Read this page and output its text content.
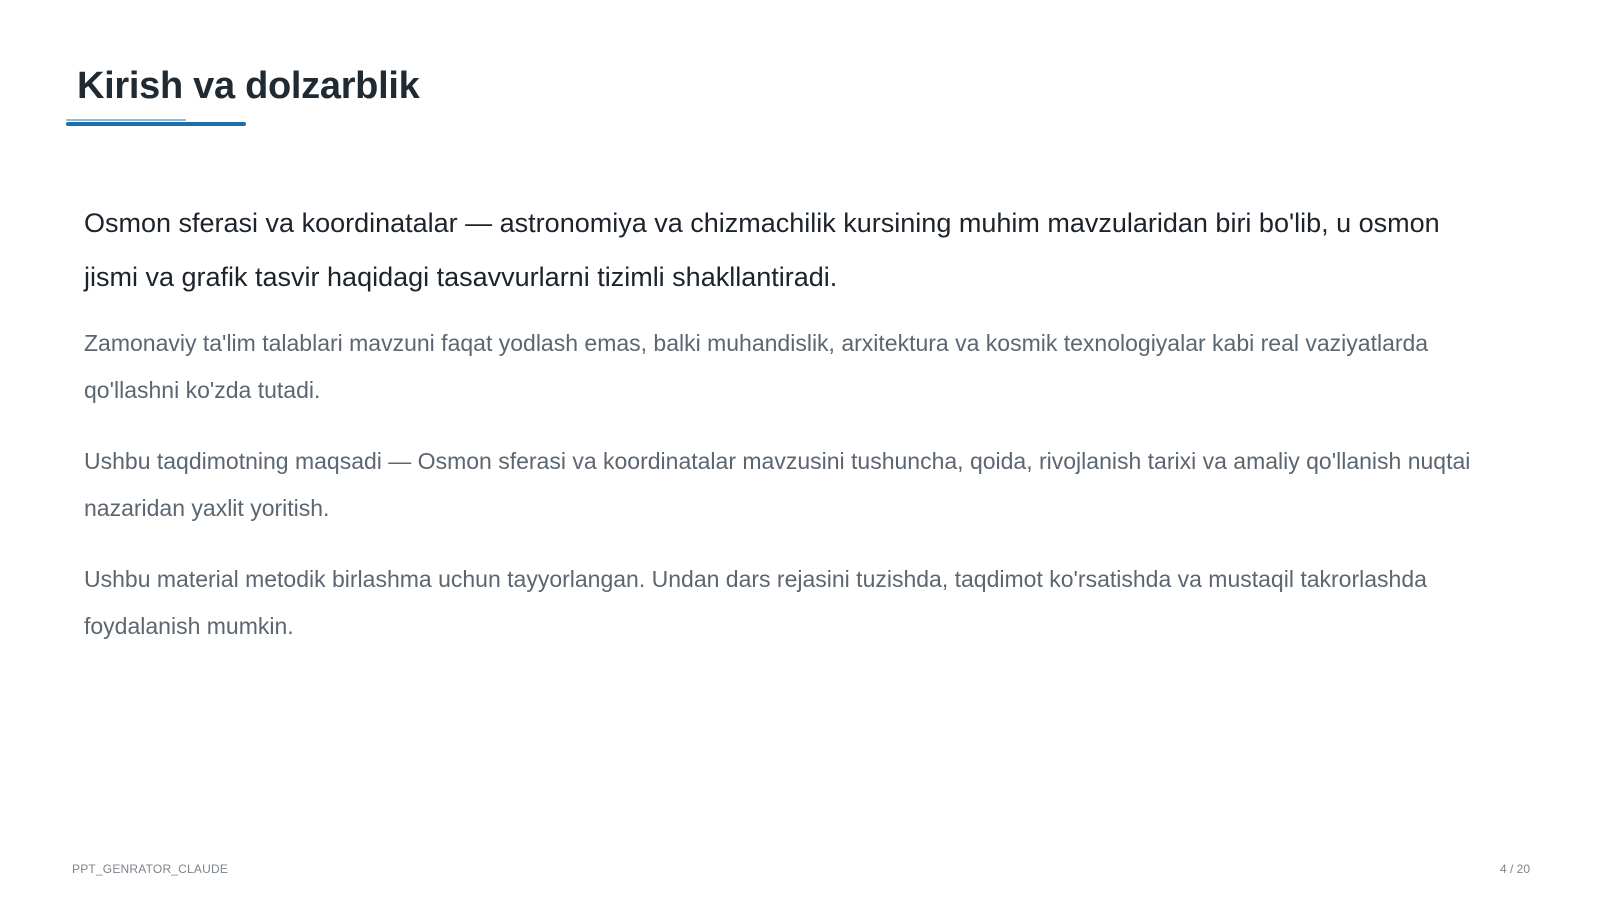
Kirish va dolzarblik

Osmon sferasi va koordinatalar — astronomiya va chizmachilik kursining muhim mavzularidan biri bo'lib, u osmon jismi va grafik tasvir haqidagi tasavvurlarni tizimli shakllantiradi.

Zamonaviy ta'lim talablari mavzuni faqat yodlash emas, balki muhandislik, arxitektura va kosmik texnologiyalar kabi real vaziyatlarda qo'llashni ko'zda tutadi.

Ushbu taqdimotning maqsadi — Osmon sferasi va koordinatalar mavzusini tushuncha, qoida, rivojlanish tarixi va amaliy qo'llanish nuqtai nazaridan yaxlit yoritish.

Ushbu material metodik birlashma uchun tayyorlangan. Undan dars rejasini tuzishda, taqdimot ko'rsatishda va mustaqil takrorlashda foydalanish mumkin.

PPT_GENRATOR_CLAUDE	4 / 20
